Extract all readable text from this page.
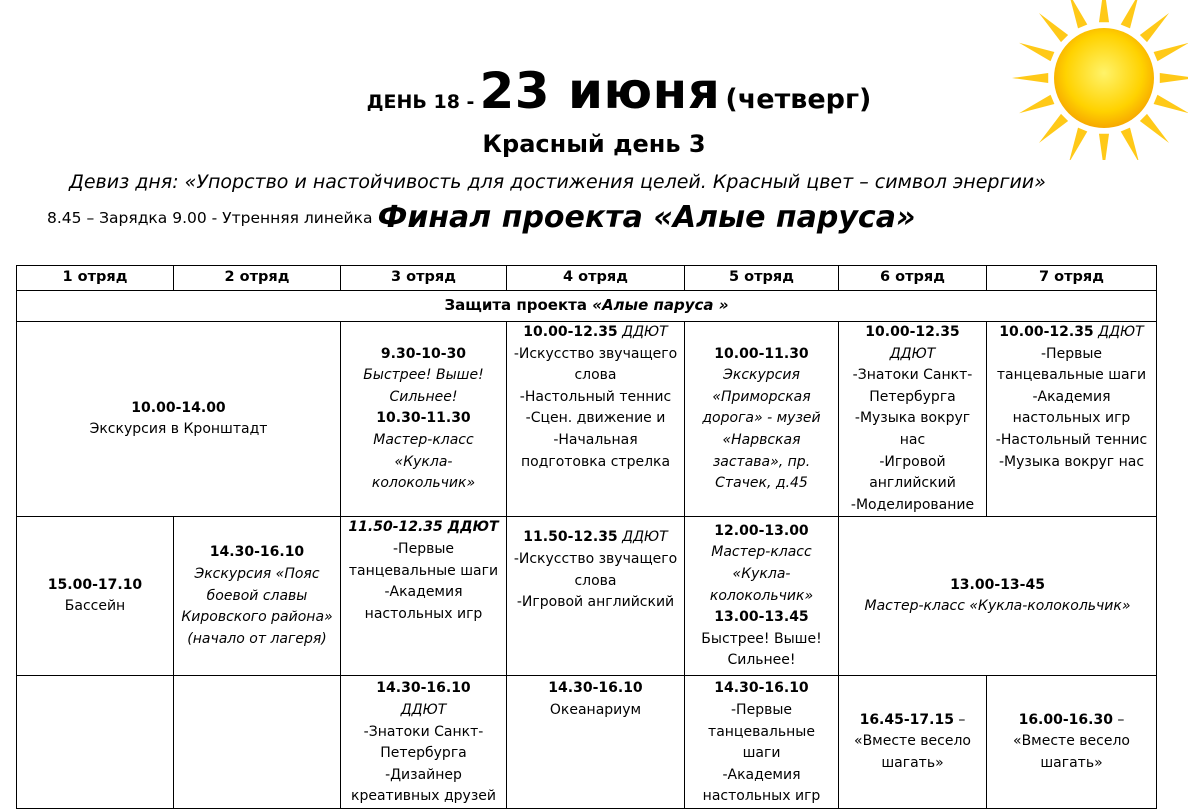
ДЕНЬ 18 - 23 июня (четверг)
Красный день 3
Девиз дня: «Упорство и настойчивость для достижения целей. Красный цвет – символ энергии»
8.45 – Зарядка 9.00 - Утренняя линейка Финал проекта «Алые паруса»
1 отряд	2 отряд	3 отряд	4 отряд	5 отряд	6 отряд	7 отряд
Защита проекта «Алые паруса »						

10.00-14.00
Экскурсия в Кронштадт		9.30-10-30
Быстрее! Выше! Сильнее!
10.30-11.30
Мастер-класс
«Кукла-колокольчик»	10.00-12.35 ДДЮТ
-Искусство звучащего слова
-Настольный теннис
-Сцен. движение и
-Начальная подготовка стрелка	10.00-11.30
Экскурсия «Приморская дорога» - музей «Нарвская застава», пр. Стачек, д.45	10.00-12.35 ДДЮТ
-Знатоки Санкт-Петербурга
-Музыка вокруг нас
-Игровой английский
-Моделирование	10.00-12.35 ДДЮТ
-Первые танцевальные шаги
-Академия настольных игр
-Настольный теннис
-Музыка вокруг нас

15.00-17.10
Бассейн	14.30-16.10
Экскурсия «Пояс боевой славы Кировского района» (начало от лагеря)	11.50-12.35 ДДЮТ
-Первые танцевальные шаги
-Академия настольных игр	11.50-12.35 ДДЮТ
-Искусство звучащего слова
-Игровой английский	12.00-13.00
Мастер-класс
«Кукла-колокольчик»
13.00-13.45
Быстрее! Выше! Сильнее!	13.00-13-45
Мастер-класс «Кукла-колокольчик»	

		14.30-16.10
ДДЮТ
-Знатоки Санкт-Петербурга
-Дизайнер креативных друзей	14.30-16.10
Океанариум	14.30-16.10
-Первые танцевальные шаги
-Академия настольных игр	16.45-17.15 –
«Вместе весело шагать»	16.00-16.30 –
«Вместе весело шагать»
